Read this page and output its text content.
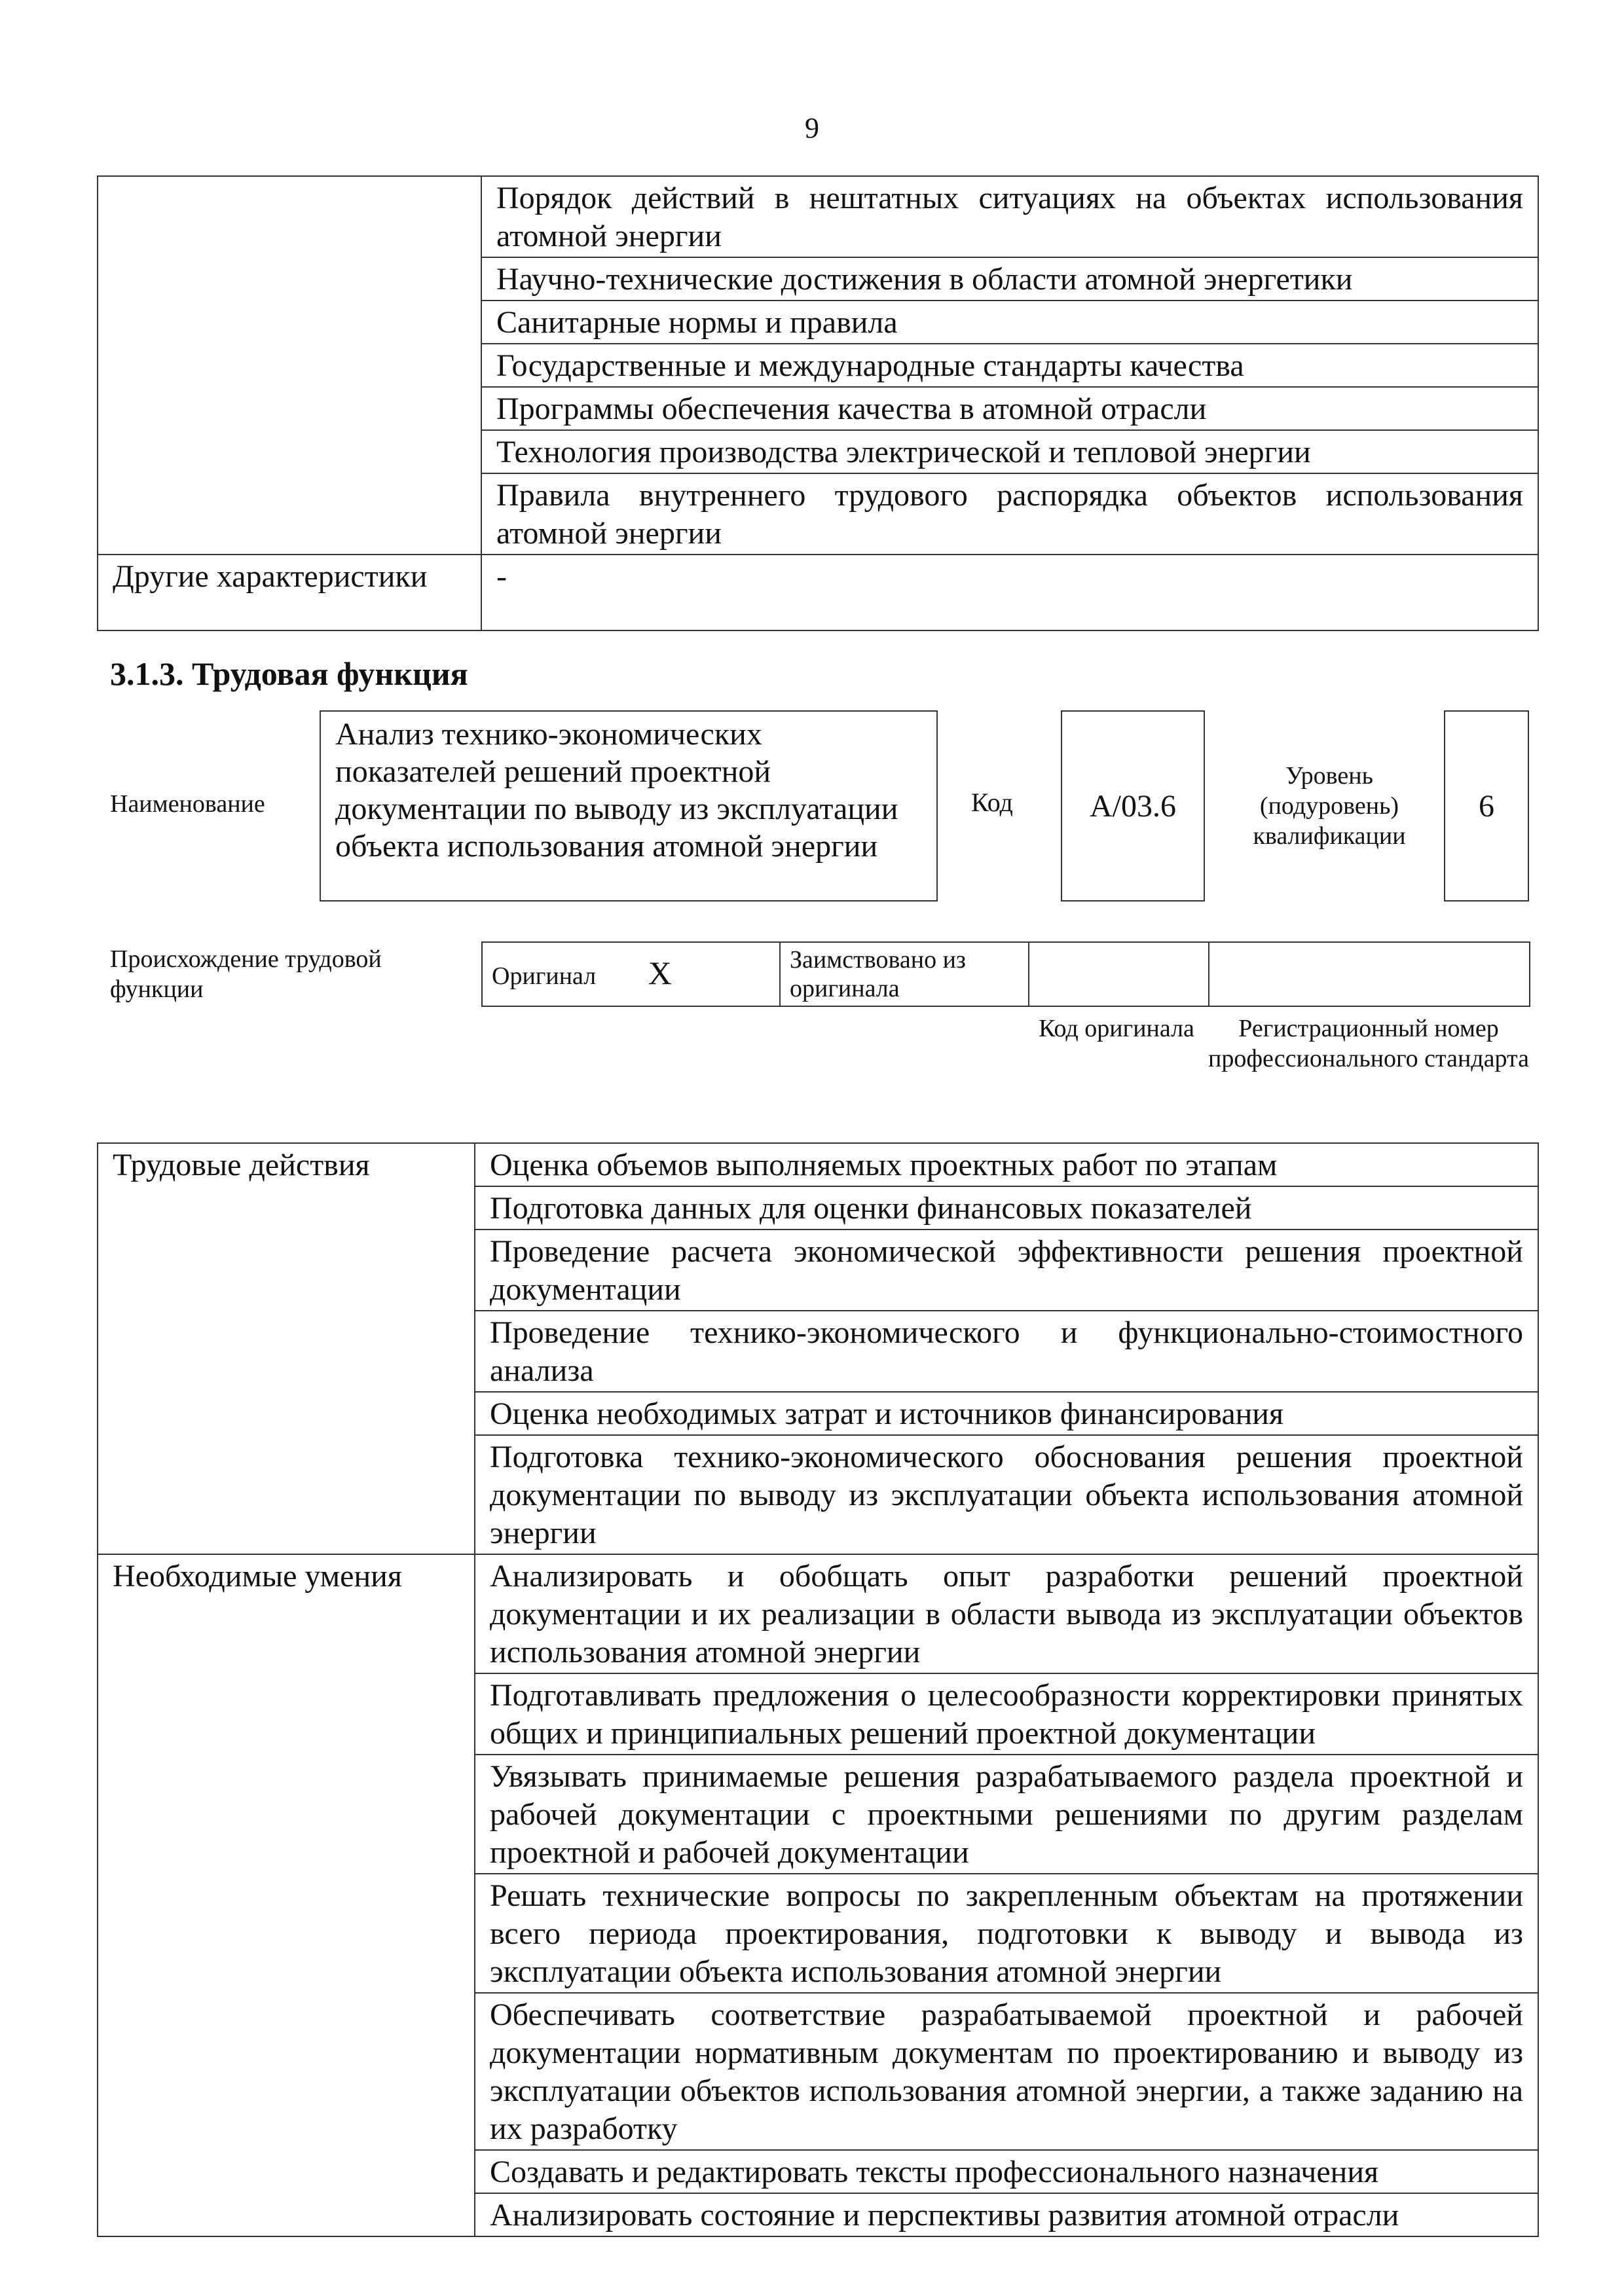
9
	Порядок действий в нештатных ситуациях на объектах использования атомной энергии
	Научно-технические достижения в области атомной энергетики
	Санитарные нормы и правила
	Государственные и международные стандарты качества
	Программы обеспечения качества в атомной отрасли
	Технология производства электрической и тепловой энергии
	Правила внутреннего трудового распорядка объектов использования атомной энергии
Другие характеристики	-
3.1.3. Трудовая функция
Наименование
Анализ технико-экономических показателей решений проектной документации по выводу из эксплуатации объекта использования атомной энергии
Код А/03.6
Уровень (подуровень) квалификации
6
Происхождение трудовой функции	Оригинал X	Заимствовано из оригинала		
Код оригинала	Регистрационный номер профессионального стандарта
Трудовые действия	Оценка объемов выполняемых проектных работ по этапам
	Подготовка данных для оценки финансовых показателей
	Проведение расчета экономической эффективности решения проектной документации
	Проведение технико-экономического и функционально-стоимостного анализа
	Оценка необходимых затрат и источников финансирования
	Подготовка технико-экономического обоснования решения проектной документации по выводу из эксплуатации объекта использования атомной энергии
Необходимые умения	Анализировать и обобщать опыт разработки решений проектной документации и их реализации в области вывода из эксплуатации объектов использования атомной энергии
	Подготавливать предложения о целесообразности корректировки принятых общих и принципиальных решений проектной документации
	Увязывать принимаемые решения разрабатываемого раздела проектной и рабочей документации с проектными решениями по другим разделам проектной и рабочей документации
	Решать технические вопросы по закрепленным объектам на протяжении всего периода проектирования, подготовки к выводу и вывода из эксплуатации объекта использования атомной энергии
	Обеспечивать соответствие разрабатываемой проектной и рабочей документации нормативным документам по проектированию и выводу из эксплуатации объектов использования атомной энергии, а также заданию на их разработку
	Создавать и редактировать тексты профессионального назначения
	Анализировать состояние и перспективы развития атомной отрасли
